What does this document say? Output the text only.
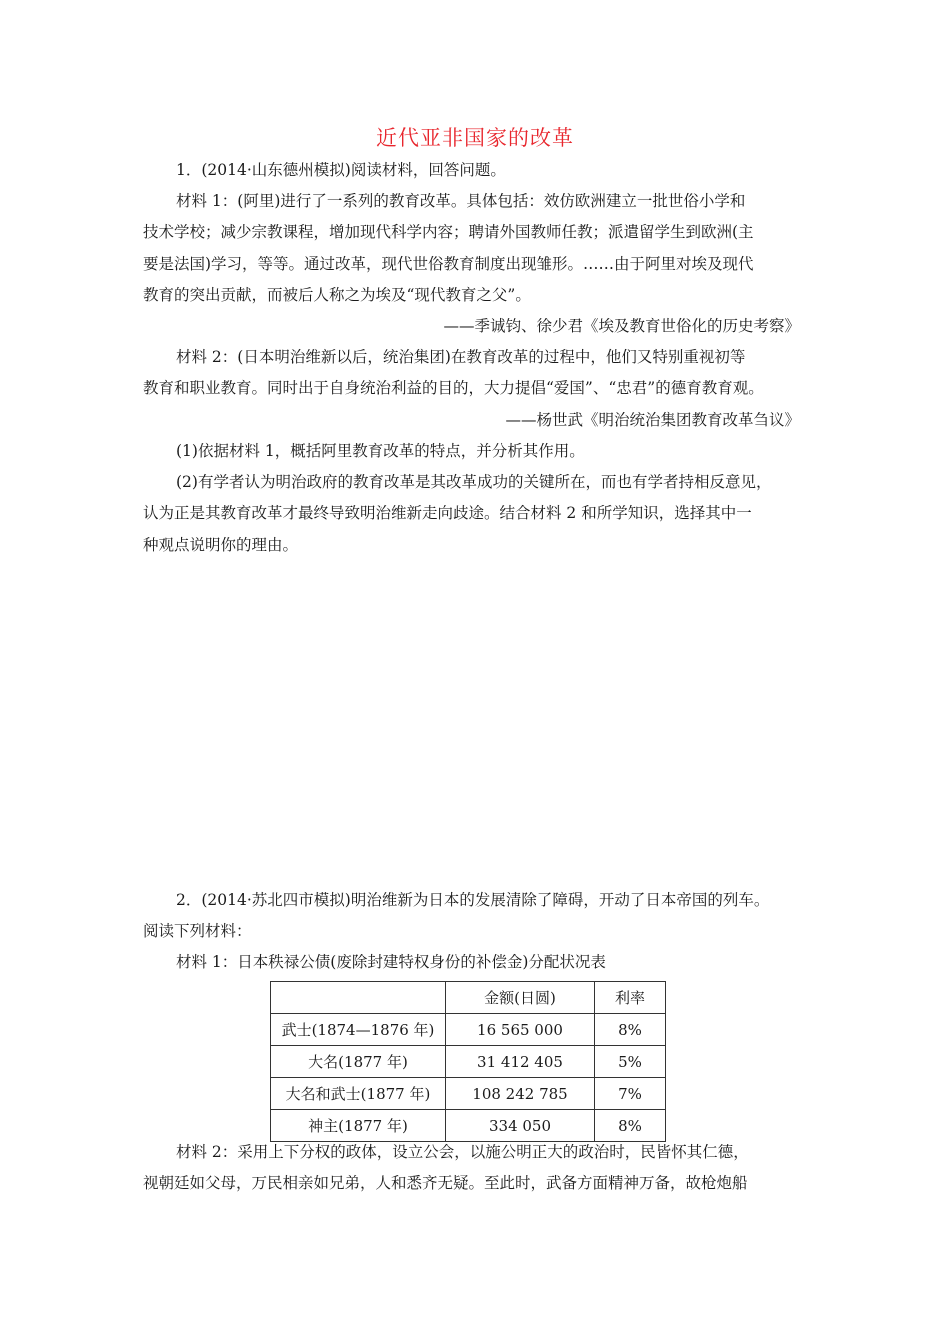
近代亚非国家的改革
1．(2014·山东德州模拟)阅读材料，回答问题。
材料 1：(阿里)进行了一系列的教育改革。具体包括：效仿欧洲建立一批世俗小学和
技术学校；减少宗教课程，增加现代科学内容；聘请外国教师任教；派遣留学生到欧洲(主
要是法国)学习，等等。通过改革，现代世俗教育制度出现雏形。……由于阿里对埃及现代
教育的突出贡献，而被后人称之为埃及“现代教育之父”。
——季诚钧、徐少君《埃及教育世俗化的历史考察》
材料 2：(日本明治维新以后，统治集团)在教育改革的过程中，他们又特别重视初等
教育和职业教育。同时出于自身统治利益的目的，大力提倡“爱国”、“忠君”的德育教育观。
——杨世武《明治统治集团教育改革刍议》
(1)依据材料 1，概括阿里教育改革的特点，并分析其作用。
(2)有学者认为明治政府的教育改革是其改革成功的关键所在，而也有学者持相反意见，
认为正是其教育改革才最终导致明治维新走向歧途。结合材料 2 和所学知识，选择其中一
种观点说明你的理由。
2．(2014·苏北四市模拟)明治维新为日本的发展清除了障碍，开动了日本帝国的列车。
阅读下列材料：
材料 1：日本秩禄公债(废除封建特权身份的补偿金)分配状况表
	金额(日圆)	利率
武士(1874—1876 年)	16 565 000	8%
大名(1877 年)	31 412 405	5%
大名和武士(1877 年)	108 242 785	7%
神主(1877 年)	334 050	8%
材料 2：采用上下分权的政体，设立公会，以施公明正大的政治时，民皆怀其仁德，
视朝廷如父母，万民相亲如兄弟，人和悉齐无疑。至此时，武备方面精神万备，故枪炮船
